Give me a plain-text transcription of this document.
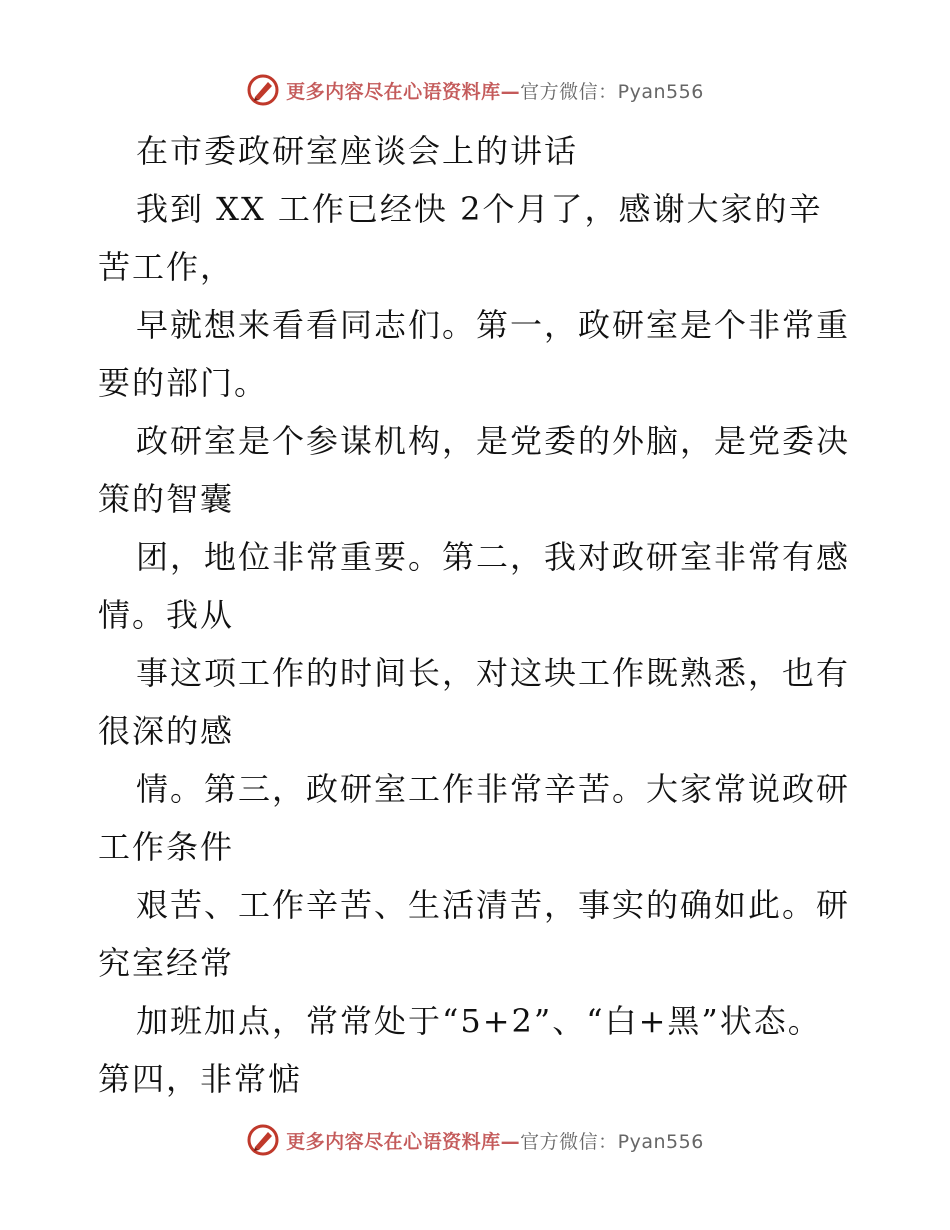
更多内容尽在心语资料库—官方微信：Pyan556
在市委政研室座谈会上的讲话
我到 XX 工作已经快 2个月了，感谢大家的辛
苦工作，
早就想来看看同志们。第一，政研室是个非常重
要的部门。
政研室是个参谋机构，是党委的外脑，是党委决
策的智囊
团，地位非常重要。第二，我对政研室非常有感
情。我从
事这项工作的时间长，对这块工作既熟悉，也有
很深的感
情。第三，政研室工作非常辛苦。大家常说政研
工作条件
艰苦、工作辛苦、生活清苦，事实的确如此。研
究室经常
加班加点，常常处于“5+2”、“白+黑”状态。
第四，非常惦
更多内容尽在心语资料库—官方微信：Pyan556
